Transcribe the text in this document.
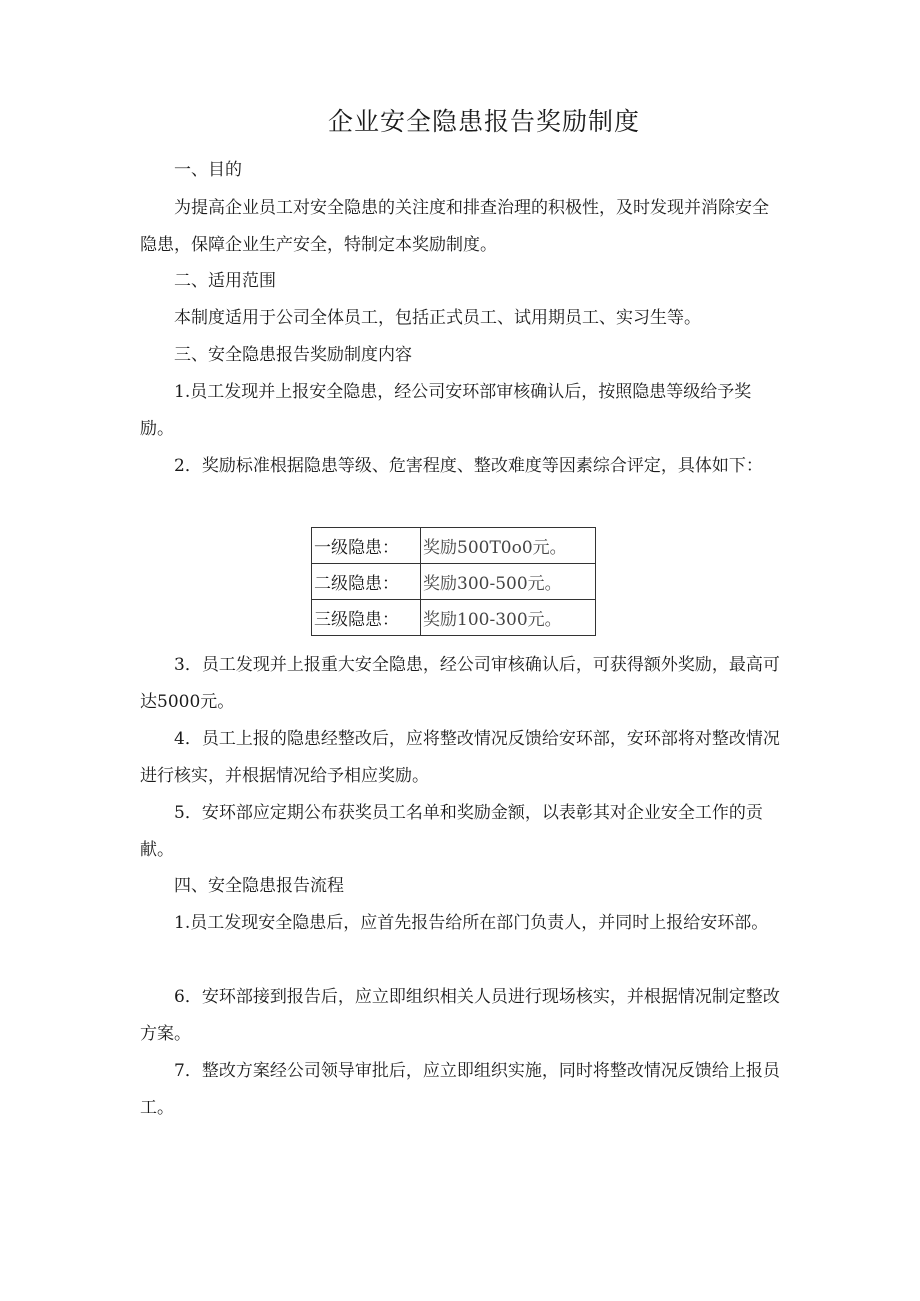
企业安全隐患报告奖励制度
一、目的
为提高企业员工对安全隐患的关注度和排查治理的积极性，及时发现并消除安全隐患，保障企业生产安全，特制定本奖励制度。
二、适用范围
本制度适用于公司全体员工，包括正式员工、试用期员工、实习生等。
三、安全隐患报告奖励制度内容
1.员工发现并上报安全隐患，经公司安环部审核确认后，按照隐患等级给予奖励。
2．奖励标准根据隐患等级、危害程度、整改难度等因素综合评定，具体如下：
一级隐患：	奖励500T0o0元。
二级隐患：	奖励300-500元。
三级隐患：	奖励100-300元。
3．员工发现并上报重大安全隐患，经公司审核确认后，可获得额外奖励，最高可达5000元。
4．员工上报的隐患经整改后，应将整改情况反馈给安环部，安环部将对整改情况进行核实，并根据情况给予相应奖励。
5．安环部应定期公布获奖员工名单和奖励金额，以表彰其对企业安全工作的贡献。
四、安全隐患报告流程
1.员工发现安全隐患后，应首先报告给所在部门负责人，并同时上报给安环部。
6．安环部接到报告后，应立即组织相关人员进行现场核实，并根据情况制定整改方案。
7．整改方案经公司领导审批后，应立即组织实施，同时将整改情况反馈给上报员工。
